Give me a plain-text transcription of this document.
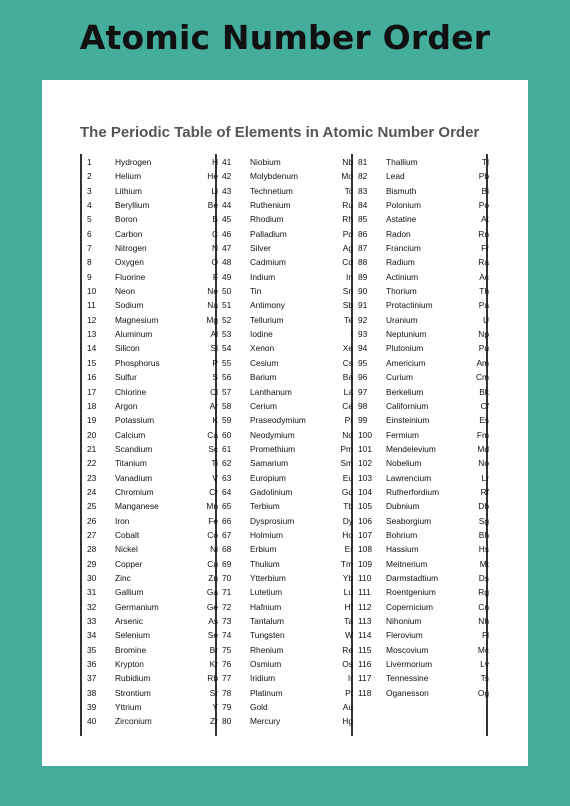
Atomic Number Order
The Periodic Table of Elements in Atomic Number Order
1	Hydrogen	H
2	Helium	He
3	Lithium	Li
4	Beryllium	Be
5	Boron	B
6	Carbon	C
7	Nitrogen	N
8	Oxygen	O
9	Fluorine	F
10 Neon	Ne
11 Sodium	Na
12 Magnesium	Mg
13 Aluminum	Al
14 Silicon	Si
15 Phosphorus	P
16 Sulfur	S
17 Chlorine	Cl
18 Argon	Ar
19 Potassium	K
20 Calcium	Ca
21 Scandium	Sc
22 Titanium	Ti
23 Vanadium	V
24 Chromium	Cr
25 Manganese	Mn
26 Iron	Fe
27 Cobalt	Co
28 Nickel	Ni
29 Copper	Cu
30 Zinc	Zn
31 Gallium	Ga
32 Germanium	Ge
33 Arsenic	As
34 Selenium	Se
35 Bromine	Br
36 Krypton	Kr
37 Rubidium	Rb
38 Strontium	Sr
39 Yttrium	Y
40 Zirconium	Zr
41 Niobium	Nb
42 Molybdenum	Mo
43 Technetium	Tc
44 Ruthenium	Ru
45 Rhodium	Rh
46 Palladium	Pd
47 Silver	Ag
48 Cadmium	Cd
49 Indium	In
50 Tin	Sn
51 Antimony	Sb
52 Tellurium	Te
53 Iodine	I
54 Xenon	Xe
55 Cesium	Cs
56 Barium	Ba
57 Lanthanum	La
58 Cerium	Ce
59 Praseodymium	Pr
60 Neodymium	Nd
61 Promethium	Pm
62 Samarium	Sm
63 Europium	Eu
64 Gadolinium	Gd
65 Terbium	Tb
66 Dysprosium	Dy
67 Holmium	Ho
68 Erbium	Er
69 Thulium	Tm
70 Ytterbium	Yb
71 Lutetium	Lu
72 Hafnium	Hf
73 Tantalum	Ta
74 Tungsten	W
75 Rhenium	Re
76 Osmium	Os
77 Iridium	Ir
78 Platinum	Pt
79 Gold	Au
80 Mercury	Hg
81 Thallium	Tl
82 Lead	Pb
83 Bismuth	Bi
84 Polonium	Po
85 Astatine	At
86 Radon	Rn
87 Francium	Fr
88 Radium	Ra
89 Actinium	Ac
90 Thorium	Th
91 Protactinium	Pa
92 Uranium	U
93 Neptunium	Np
94 Plutonium	Pu
95 Americium	Am
96 Curium	Cm
97 Berkelium	Bk
98 Californium	Cf
99 Einsteinium	Es
100 Fermium	Fm
101 Mendelevium	Md
102 Nobelium	No
103 Lawrencium	Lr
104 Rutherfordium	Rf
105 Dubnium	Db
106 Seaborgium	Sg
107 Bohrium	Bh
108 Hassium	Hs
109 Meitnerium	Mt
110 Darmstadtium	Ds
111 Roentgenium	Rg
112 Copernicium	Cn
113 Nihonium	Nh
114 Flerovium	Fl
115 Moscovium	Mc
116 Livermorium	Lv
117 Tennessine	Ts
118 Oganesson	Og
